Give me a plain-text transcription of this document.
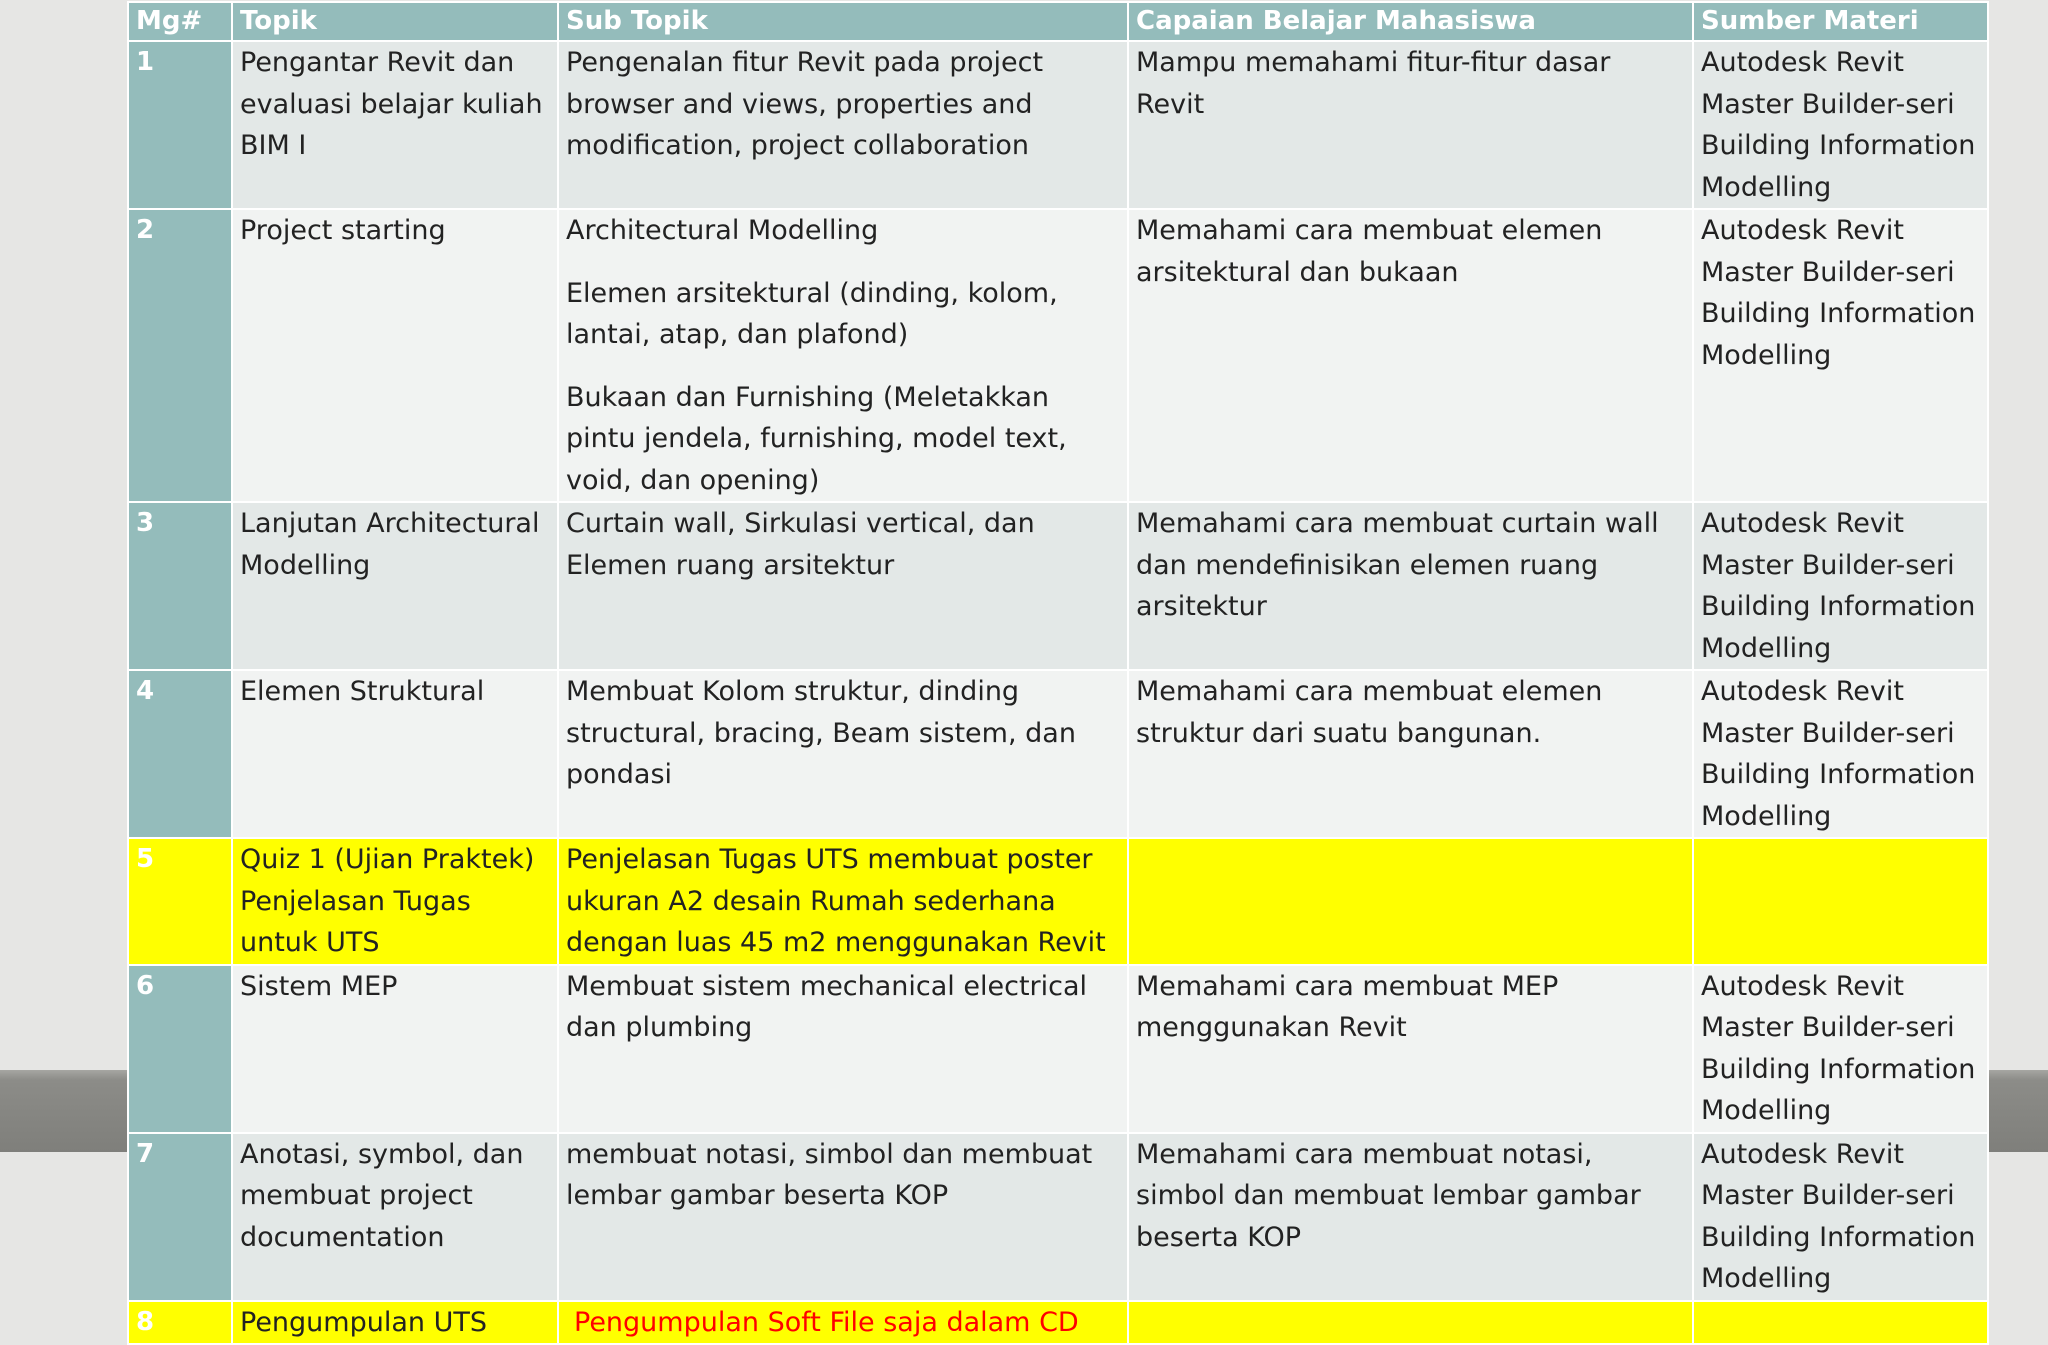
Mg#	Topik	Sub Topik	Capaian Belajar Mahasiswa	Sumber Materi
1	Pengantar Revit dan evaluasi belajar kuliah BIM I	Pengenalan fitur Revit pada project browser and views, properties and modification, project collaboration	Mampu memahami fitur-fitur dasar Revit	Autodesk Revit Master Builder-seri Building Information Modelling
2	Project starting	Architectural Modelling
Elemen arsitektural (dinding, kolom, lantai, atap, dan plafond)
Bukaan dan Furnishing (Meletakkan pintu jendela, furnishing, model text, void, dan opening)	Memahami cara membuat elemen arsitektural dan bukaan	Autodesk Revit Master Builder-seri Building Information Modelling
3	Lanjutan Architectural Modelling	Curtain wall, Sirkulasi vertical, dan Elemen ruang arsitektur	Memahami cara membuat curtain wall dan mendefinisikan elemen ruang arsitektur	Autodesk Revit Master Builder-seri Building Information Modelling
4	Elemen Struktural	Membuat Kolom struktur, dinding structural, bracing, Beam sistem, dan pondasi	Memahami cara membuat elemen struktur dari suatu bangunan.	Autodesk Revit Master Builder-seri Building Information Modelling
5	Quiz 1 (Ujian Praktek) Penjelasan Tugas untuk UTS	Penjelasan Tugas UTS membuat poster ukuran A2 desain Rumah sederhana dengan luas 45 m2 menggunakan Revit		

6	Sistem MEP	Membuat sistem mechanical electrical dan plumbing	Memahami cara membuat MEP menggunakan Revit	Autodesk Revit Master Builder-seri Building Information Modelling
7	Anotasi, symbol, dan membuat project documentation	membuat notasi, simbol dan membuat lembar gambar beserta KOP	Memahami cara membuat notasi, simbol dan membuat lembar gambar beserta KOP	Autodesk Revit Master Builder-seri Building Information Modelling
8	Pengumpulan UTS	Pengumpulan Soft File saja dalam CD		
